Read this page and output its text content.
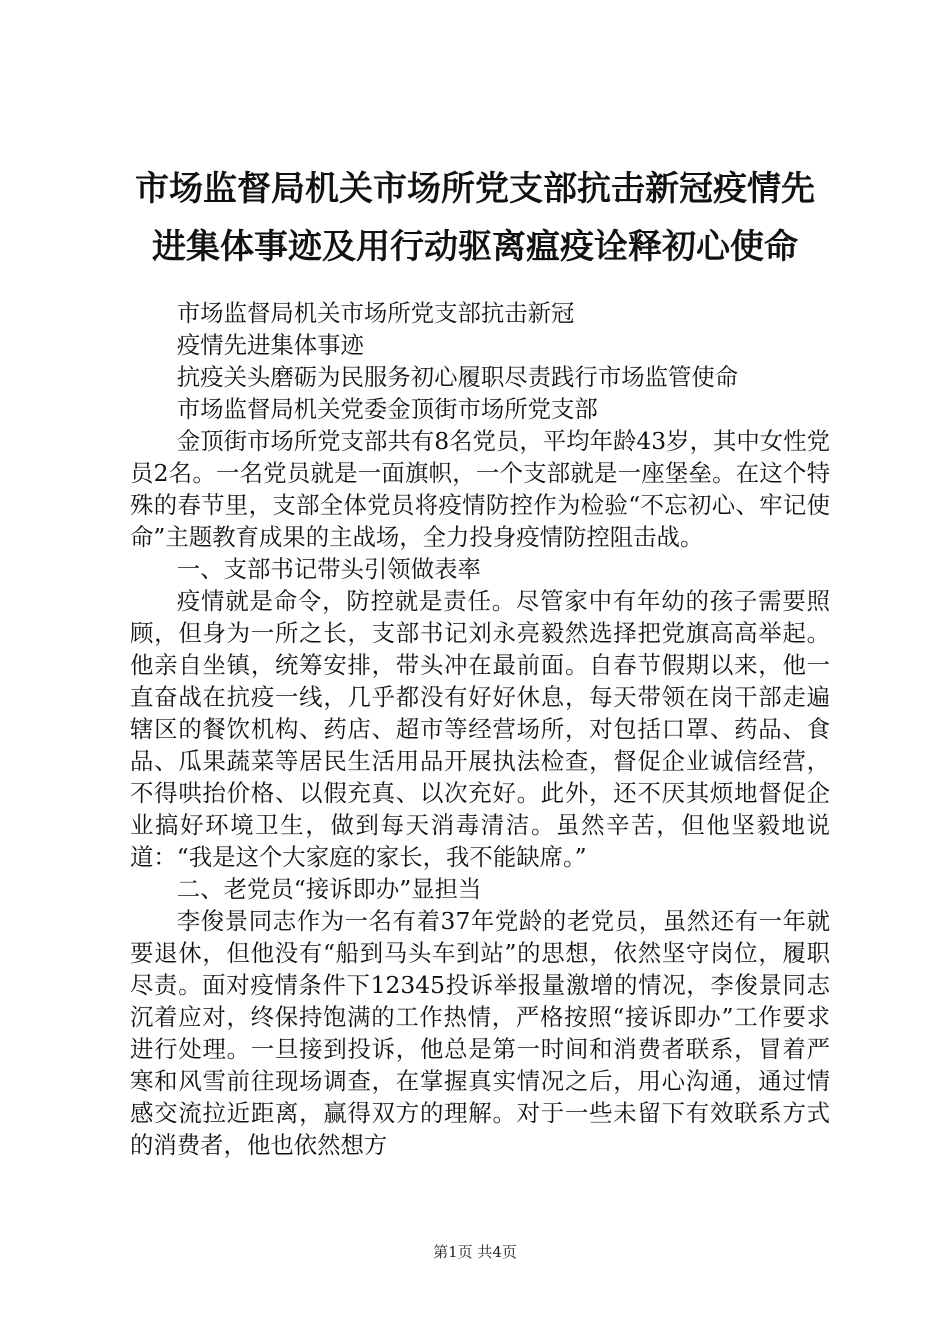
市场监督局机关市场所党支部抗击新冠疫情先
进集体事迹及用行动驱离瘟疫诠释初心使命

市场监督局机关市场所党支部抗击新冠

疫情先进集体事迹

抗疫关头磨砺为民服务初心履职尽责践行市场监管使命

市场监督局机关党委金顶街市场所党支部

金顶街市场所党支部共有8名党员，平均年龄43岁，其中女性党员2名。一名党员就是一面旗帜，一个支部就是一座堡垒。在这个特殊的春节里，支部全体党员将疫情防控作为检验“不忘初心、牢记使命”主题教育成果的主战场，全力投身疫情防控阻击战。

一、支部书记带头引领做表率

疫情就是命令，防控就是责任。尽管家中有年幼的孩子需要照顾，但身为一所之长，支部书记刘永亮毅然选择把党旗高高举起。他亲自坐镇，统筹安排，带头冲在最前面。自春节假期以来，他一直奋战在抗疫一线，几乎都没有好好休息，每天带领在岗干部走遍辖区的餐饮机构、药店、超市等经营场所，对包括口罩、药品、食品、瓜果蔬菜等居民生活用品开展执法检查，督促企业诚信经营，不得哄抬价格、以假充真、以次充好。此外，还不厌其烦地督促企业搞好环境卫生，做到每天消毒清洁。虽然辛苦，但他坚毅地说道：“我是这个大家庭的家长，我不能缺席。”

二、老党员“接诉即办”显担当

李俊景同志作为一名有着37年党龄的老党员，虽然还有一年就要退休，但他没有“船到马头车到站”的思想，依然坚守岗位，履职尽责。面对疫情条件下12345投诉举报量激增的情况，李俊景同志沉着应对，终保持饱满的工作热情，严格按照“接诉即办”工作要求进行处理。一旦接到投诉，他总是第一时间和消费者联系，冒着严寒和风雪前往现场调查，在掌握真实情况之后，用心沟通，通过情感交流拉近距离，赢得双方的理解。对于一些未留下有效联系方式的消费者，他也依然想方

第1页 共4页
